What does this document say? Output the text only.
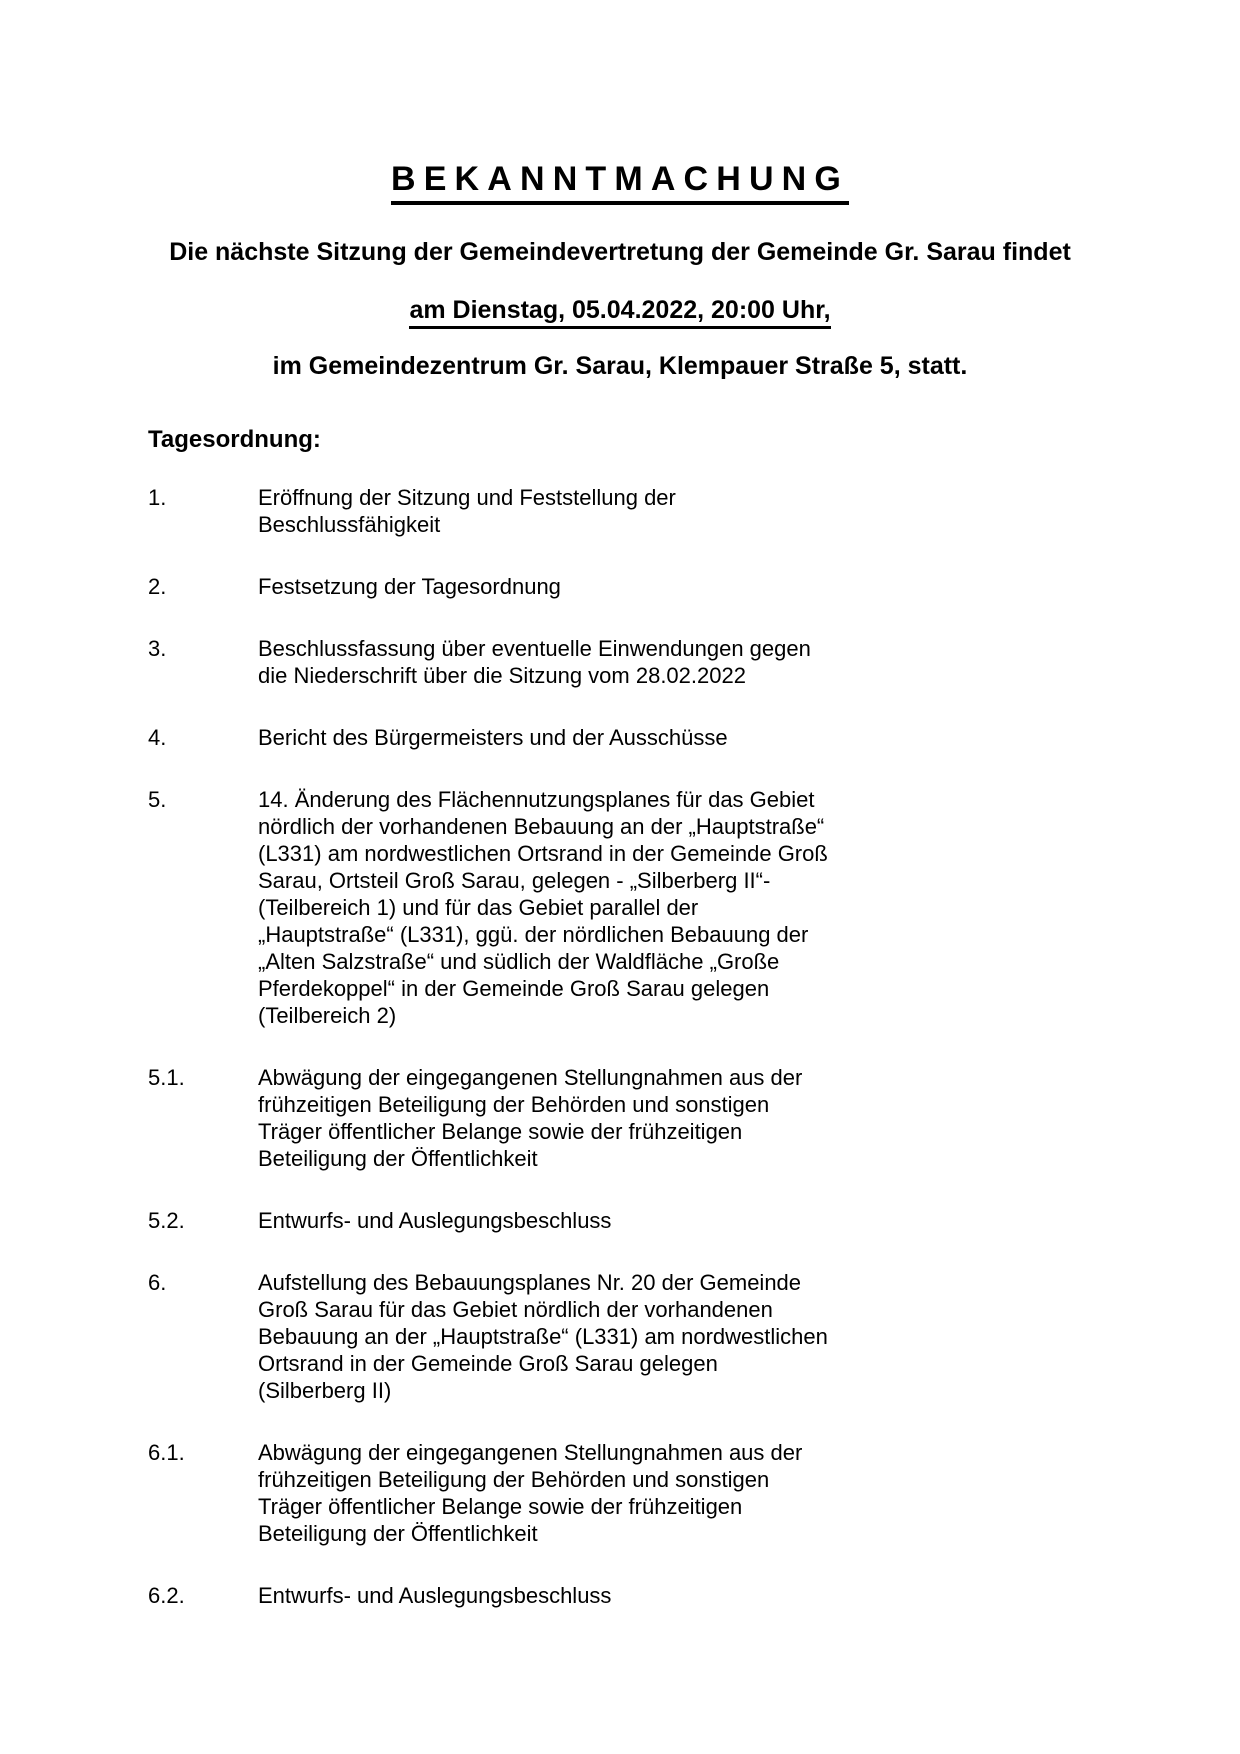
BEKANNTMACHUNG

Die nächste Sitzung der Gemeindevertretung der Gemeinde Gr. Sarau findet

am Dienstag, 05.04.2022, 20:00 Uhr,

im Gemeindezentrum Gr. Sarau, Klempauer Straße 5, statt.

Tagesordnung:
1.	Eröffnung der Sitzung und Feststellung der
Beschlussfähigkeit
2.	Festsetzung der Tagesordnung
3.	Beschlussfassung über eventuelle Einwendungen gegen
die Niederschrift über die Sitzung vom 28.02.2022
4.	Bericht des Bürgermeisters und der Ausschüsse
5.	14. Änderung des Flächennutzungsplanes für das Gebiet
nördlich der vorhandenen Bebauung an der „Hauptstraße“
(L331) am nordwestlichen Ortsrand in der Gemeinde Groß
Sarau, Ortsteil Groß Sarau, gelegen - „Silberberg II“-
(Teilbereich 1) und für das Gebiet parallel der
„Hauptstraße“ (L331), ggü. der nördlichen Bebauung der
„Alten Salzstraße“ und südlich der Waldfläche „Große
Pferdekoppel“ in der Gemeinde Groß Sarau gelegen
(Teilbereich 2)
5.1.	Abwägung der eingegangenen Stellungnahmen aus der
frühzeitigen Beteiligung der Behörden und sonstigen
Träger öffentlicher Belange sowie der frühzeitigen
Beteiligung der Öffentlichkeit
5.2.	Entwurfs- und Auslegungsbeschluss
6.	Aufstellung des Bebauungsplanes Nr. 20 der Gemeinde
Groß Sarau für das Gebiet nördlich der vorhandenen
Bebauung an der „Hauptstraße“ (L331) am nordwestlichen
Ortsrand in der Gemeinde Groß Sarau gelegen
(Silberberg II)
6.1.	Abwägung der eingegangenen Stellungnahmen aus der
frühzeitigen Beteiligung der Behörden und sonstigen
Träger öffentlicher Belange sowie der frühzeitigen
Beteiligung der Öffentlichkeit
6.2.	Entwurfs- und Auslegungsbeschluss
